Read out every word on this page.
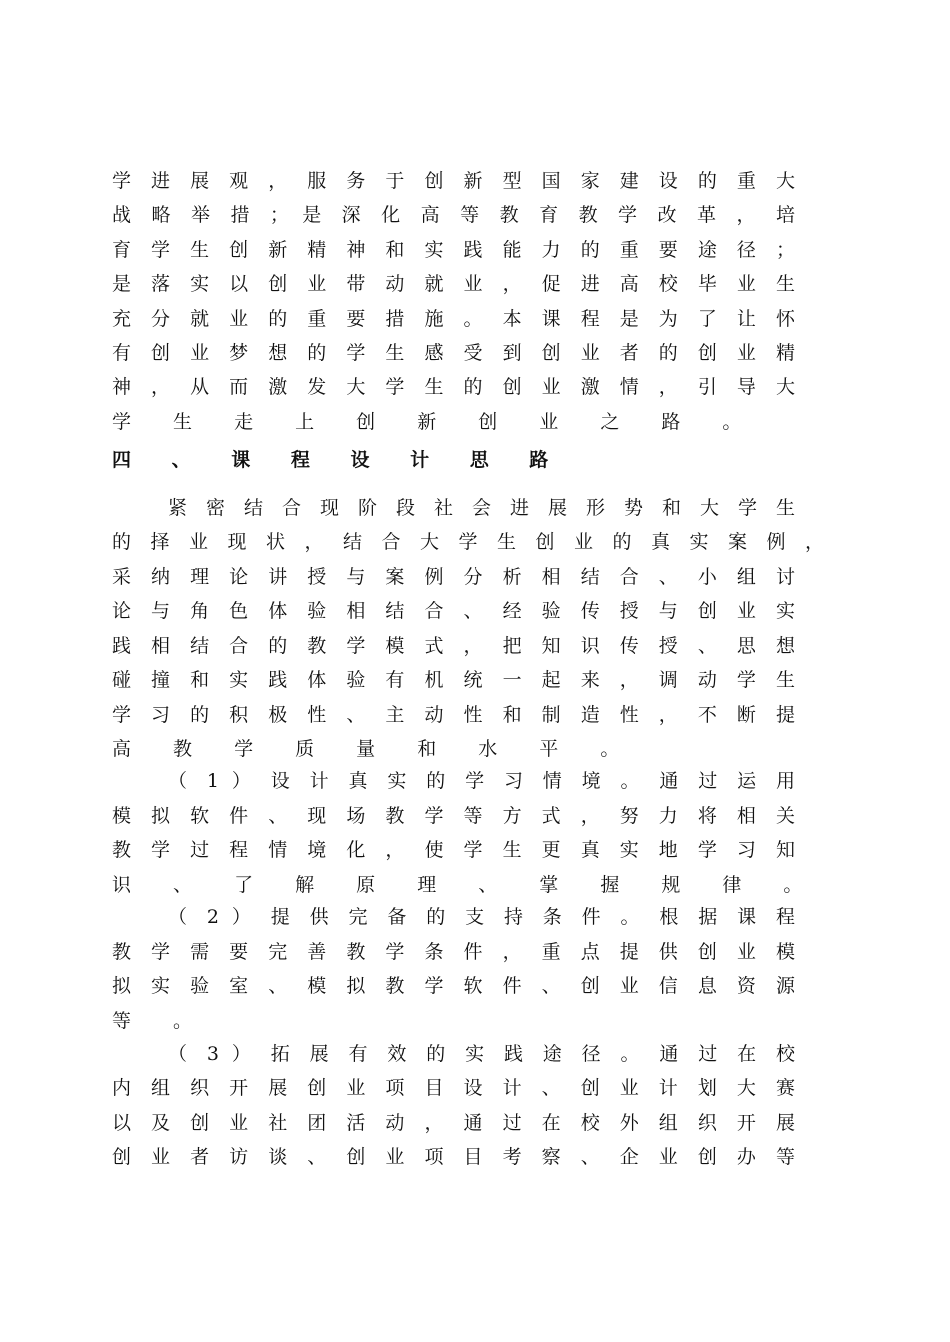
学 进 展 观 ， 服 务 于 创 新 型 国 家 建 设 的 重 大
战 略 举 措 ； 是 深 化 高 等 教 育 教 学 改 革 ， 培
育 学 生 创 新 精 神 和 实 践 能 力 的 重 要 途 径 ；
是 落 实 以 创 业 带 动 就 业 ， 促 进 高 校 毕 业 生
充 分 就 业 的 重 要 措 施 。 本 课 程 是 为 了 让 怀
有 创 业 梦 想 的 学 生 感 受 到 创 业 者 的 创 业 精
神 ， 从 而 激 发 大 学 生 的 创 业 激 情 ， 引 导 大
学 生 走 上 创 新 创 业 之 路 。
四 、 课 程 设 计 思 路
紧 密 结 合 现 阶 段 社 会 进 展 形 势 和 大 学 生
的 择 业 现 状 ， 结 合 大 学 生 创 业 的 真 实 案 例 ，
采 纳 理 论 讲 授 与 案 例 分 析 相 结 合 、 小 组 讨
论 与 角 色 体 验 相 结 合 、 经 验 传 授 与 创 业 实
践 相 结 合 的 教 学 模 式 ， 把 知 识 传 授 、 思 想
碰 撞 和 实 践 体 验 有 机 统 一 起 来 ， 调 动 学 生
学 习 的 积 极 性 、 主 动 性 和 制 造 性 ， 不 断 提
高 教 学 质 量 和 水 平 。
（ 1 ） 设 计 真 实 的 学 习 情 境 。 通 过 运 用
模 拟 软 件 、 现 场 教 学 等 方 式 ， 努 力 将 相 关
教 学 过 程 情 境 化 ， 使 学 生 更 真 实 地 学 习 知
识 、 了 解 原 理 、 掌 握 规 律 。
（ 2 ） 提 供 完 备 的 支 持 条 件 。 根 据 课 程
教 学 需 要 完 善 教 学 条 件 ， 重 点 提 供 创 业 模
拟 实 验 室 、 模 拟 教 学 软 件 、 创 业 信 息 资 源
等 。
（ 3 ） 拓 展 有 效 的 实 践 途 径 。 通 过 在 校
内 组 织 开 展 创 业 项 目 设 计 、 创 业 计 划 大 赛
以 及 创 业 社 团 活 动 ， 通 过 在 校 外 组 织 开 展
创 业 者 访 谈 、 创 业 项 目 考 察 、 企 业 创 办 等
